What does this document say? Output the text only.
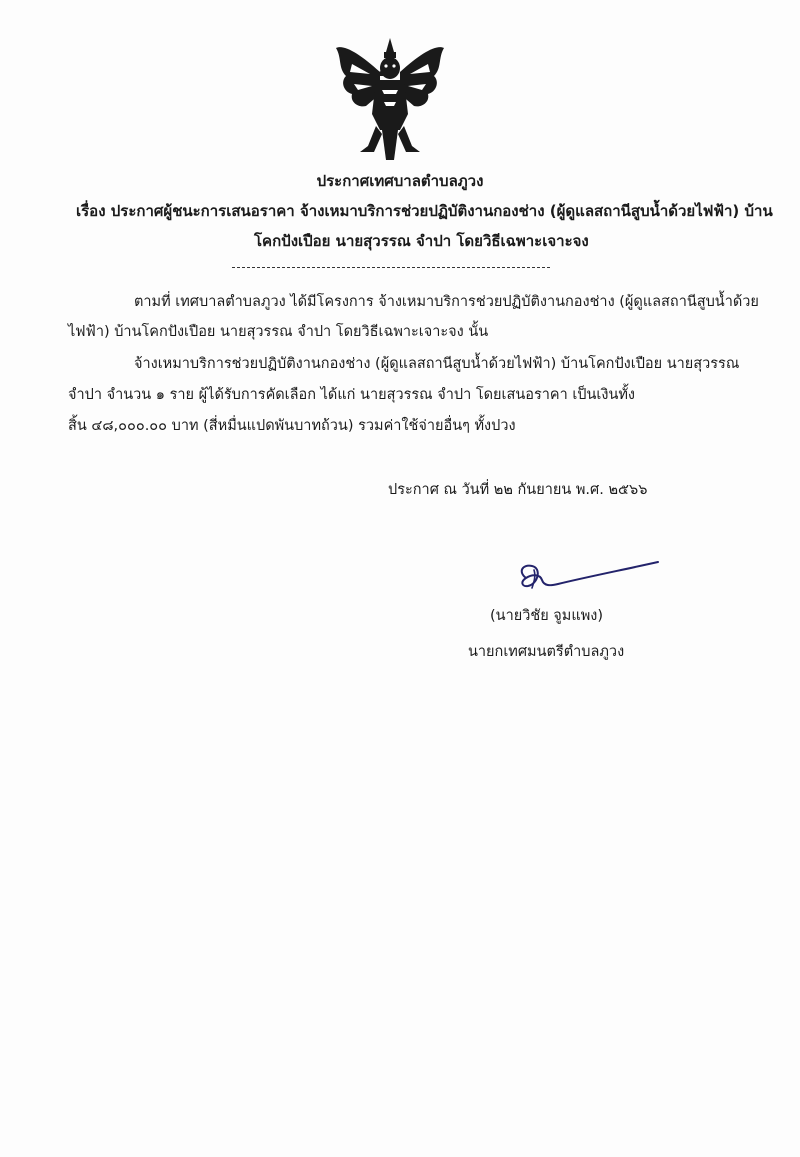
ประกาศเทศบาลตำบลภูวง
เรื่อง ประกาศผู้ชนะการเสนอราคา จ้างเหมาบริการช่วยปฏิบัติงานกองช่าง (ผู้ดูแลสถานีสูบน้ำด้วยไฟฟ้า) บ้าน
โคกปังเปือย นายสุวรรณ จำปา โดยวิธีเฉพาะเจาะจง
ตามที่ เทศบาลตำบลภูวง ได้มีโครงการ จ้างเหมาบริการช่วยปฏิบัติงานกองช่าง (ผู้ดูแลสถานีสูบน้ำด้วย
ไฟฟ้า) บ้านโคกปังเปือย นายสุวรรณ จำปา โดยวิธีเฉพาะเจาะจง นั้น
จ้างเหมาบริการช่วยปฏิบัติงานกองช่าง (ผู้ดูแลสถานีสูบน้ำด้วยไฟฟ้า) บ้านโคกปังเปือย นายสุวรรณ
จำปา จำนวน ๑ ราย ผู้ได้รับการคัดเลือก ได้แก่ นายสุวรรณ จำปา โดยเสนอราคา เป็นเงินทั้ง
สิ้น ๔๘,๐๐๐.๐๐ บาท (สี่หมื่นแปดพันบาทถ้วน) รวมค่าใช้จ่ายอื่นๆ ทั้งปวง
ประกาศ ณ วันที่ ๒๒ กันยายน พ.ศ. ๒๕๖๖
(นายวิชัย จูมแพง)
นายกเทศมนตรีตำบลภูวง
